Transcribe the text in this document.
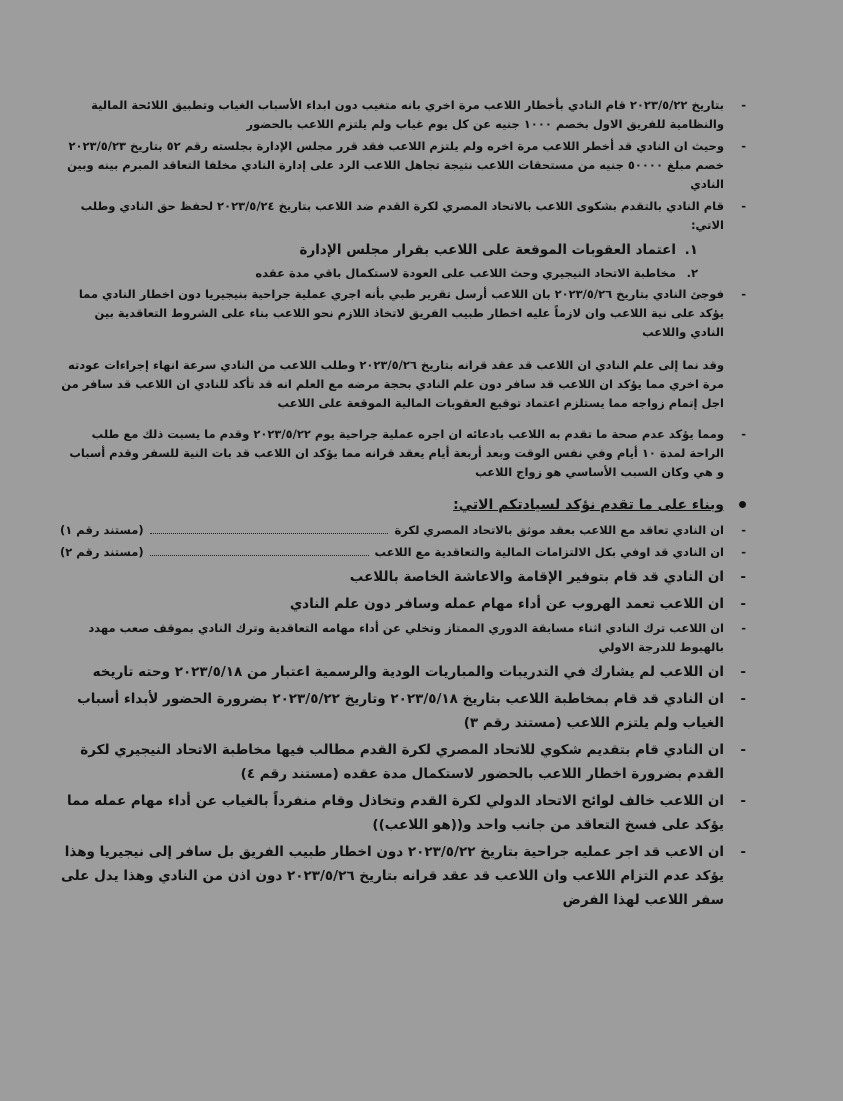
-
بتاريخ ٢٠٢٣/٥/٢٢ قام النادي بأخطار اللاعب مرة اخري بانه متغيب دون ابداء الأسباب الغياب وتطبيق اللائحة المالية والنظامية للفريق الاول بخصم ١٠٠٠ جنيه عن كل يوم غياب ولم يلتزم اللاعب بالحضور
-
وحيث ان النادي قد أخطر اللاعب مرة اخره ولم يلتزم اللاعب فقد قرر مجلس الإدارة بجلسته رقم ٥٢ بتاريخ ٢٠٢٣/٥/٢٣ خصم مبلغ ٥٠٠٠٠ جنيه من مستحقات اللاعب نتيجة تجاهل اللاعب الرد على إدارة النادي مخلفا التعاقد المبرم بينه وبين النادي
-
قام النادي بالتقدم بشكوى اللاعب بالاتحاد المصري لكرة القدم ضد اللاعب بتاريخ ٢٠٢٣/٥/٢٤ لحفظ حق النادي وطلب الاتي:
١.
اعتماد العقوبات الموقعة على اللاعب بقرار مجلس الإدارة
٢.
مخاطبة الاتحاد النيجيري وحث اللاعب على العودة لاستكمال باقي مدة عقده
-
فوجئ النادي بتاريخ ٢٠٢٣/٥/٢٦ بان اللاعب أرسل تقرير طبي بأنه اجري عملية جراحية بنيجيريا دون اخطار النادي مما يؤكد على نية اللاعب وان لازماً عليه اخطار طبيب الفريق لاتخاذ اللازم نحو اللاعب بناء على الشروط التعاقدية بين النادي واللاعب
وقد نما إلى علم النادي ان اللاعب قد عقد قرانه بتاريخ ٢٠٢٣/٥/٢٦ وطلب اللاعب من النادي سرعة انهاء إجراءات عودته مرة اخري مما يؤكد ان اللاعب قد سافر دون علم النادي بحجة مرضه مع العلم انه قد تأكد للنادي ان اللاعب قد سافر من اجل إتمام زواجه مما يستلزم اعتماد توقيع العقوبات المالية الموقعة على اللاعب
-
ومما يؤكد عدم صحة ما تقدم به اللاعب بادعائه ان اجره عملية جراحية يوم ٢٠٢٣/٥/٢٢ وقدم ما يسبت ذلك مع طلب الراحة لمدة ١٠ أيام وفي نفس الوقت وبعد أربعة أيام يعقد قرانه مما يؤكد ان اللاعب قد بات النية للسفر وقدم أسباب و هي وكان السبب الأساسي هو زواج اللاعب
وبناء على ما تقدم نؤكد لسيادتكم الاتي:
-
ان النادي تعاقد مع اللاعب بعقد موثق بالاتحاد المصري لكرة
(مستند رقم ١)
-
ان النادي قد اوفي بكل الالتزامات المالية والتعاقدية مع اللاعب
(مستند رقم ٢)
-
ان النادي قد قام بتوفير الإقامة والاعاشة الخاصة باللاعب
-
ان اللاعب تعمد الهروب عن أداء مهام عمله وسافر دون علم النادي
-
ان اللاعب ترك النادي اثناء مسابقة الدوري الممتاز وتخلي عن أداء مهامه التعاقدية وترك النادي بموقف صعب مهدد بالهبوط للدرجة الاولي
-
ان اللاعب لم يشارك في التدريبات والمباريات الودية والرسمية اعتبار من ٢٠٢٣/٥/١٨ وحته تاريخه
-
ان النادي قد قام بمخاطبة اللاعب بتاريخ ٢٠٢٣/٥/١٨ وتاريخ ٢٠٢٣/٥/٢٢ بضرورة الحضور لأبداء أسباب الغياب ولم يلتزم اللاعب (مستند رقم ٣)
-
ان النادي قام بتقديم شكوي للاتحاد المصري لكرة القدم مطالب فيها مخاطبة الاتحاد النيجيري لكرة القدم بضرورة اخطار اللاعب بالحضور لاستكمال مدة عقده (مستند رقم ٤)
-
ان اللاعب خالف لوائح الاتحاد الدولي لكرة القدم وتخاذل وقام منفرداً بالغياب عن أداء مهام عمله مما يؤكد على فسخ التعاقد من جانب واحد و((هو اللاعب))
-
ان الاعب قد اجر عمليه جراحية بتاريخ ٢٠٢٣/٥/٢٢ دون اخطار طبيب الفريق بل سافر إلى نيجيريا وهذا يؤكد عدم التزام اللاعب وان اللاعب قد عقد قرانه بتاريخ ٢٠٢٣/٥/٢٦ دون اذن من النادي وهذا يدل على سفر اللاعب لهذا الفرض
